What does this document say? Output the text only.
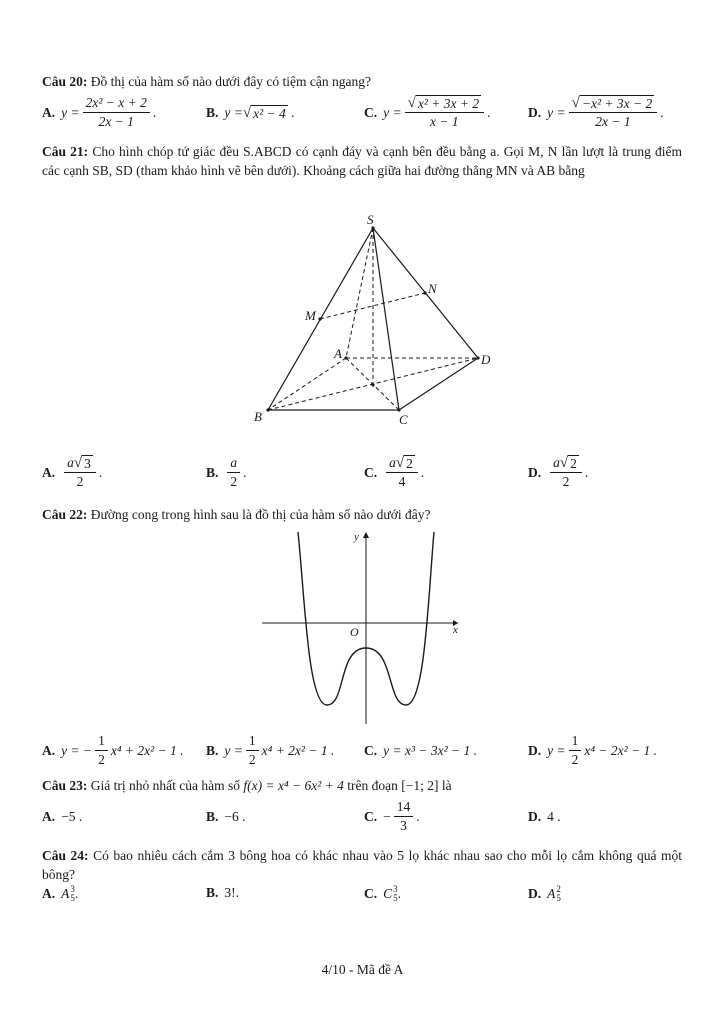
Câu 20: Đồ thị của hàm số nào dưới đây có tiệm cận ngang?
A. $y = \frac{\text{2x² − x + 2}}{2x - 1}$ .	B. y = √ x² − 4 .	C. $y = \frac{\text{√ x² + 3x + 2}}{x - 1}$ .	D. $y = \frac{\text{√ −x² + 3x − 2}}{2x - 1}$ .
Câu 21: Cho hình chóp tứ giác đều S.ABCD có cạnh đáy và cạnh bên đều bằng a. Gọi M, N lần lượt là trung điểm các cạnh SB, SD (tham khảo hình vẽ bên dưới). Khoảng cách giữa hai đường thẳng MN và AB bằng
S
N
M
A	D
B	C
y
x
O
A. $\frac{a √ 3}{2}$ .	B. $\frac{a}{2}$ .	C. $\frac{a √ 2}{4}$ .	D. $\frac{a √ 2}{2}$ .
Câu 22: Đường cong trong hình sau là đồ thị của hàm số nào dưới đây?
A. y = − $\frac{1}{2} x^4 + 2x^2 - 1$ . B. $y = \frac{1}{2} x^4 + 2x^2 - 1$ . C. y = x³ − 3x² − 1 .	D. $y = \frac{1}{2} x^4 - 2x^2 - 1$ .
Câu 23: Giá trị nhỏ nhất của hàm số f(x) = x⁴ − 6x² + 4 trên đoạn [−1; 2] là
A. −5 .	B. −6 .	C. − $\frac{14}{3}$ .	D. 4 .
Câu 24: Có bao nhiêu cách cắm 3 bông hoa có khác nhau vào 5 lọ khác nhau sao cho mỗi lọ cắm không quá một bông?
A. A 3
5 .	B. 3!.	C. C 3
5 .	D. A 2
5
4/10 - Mã đề A
